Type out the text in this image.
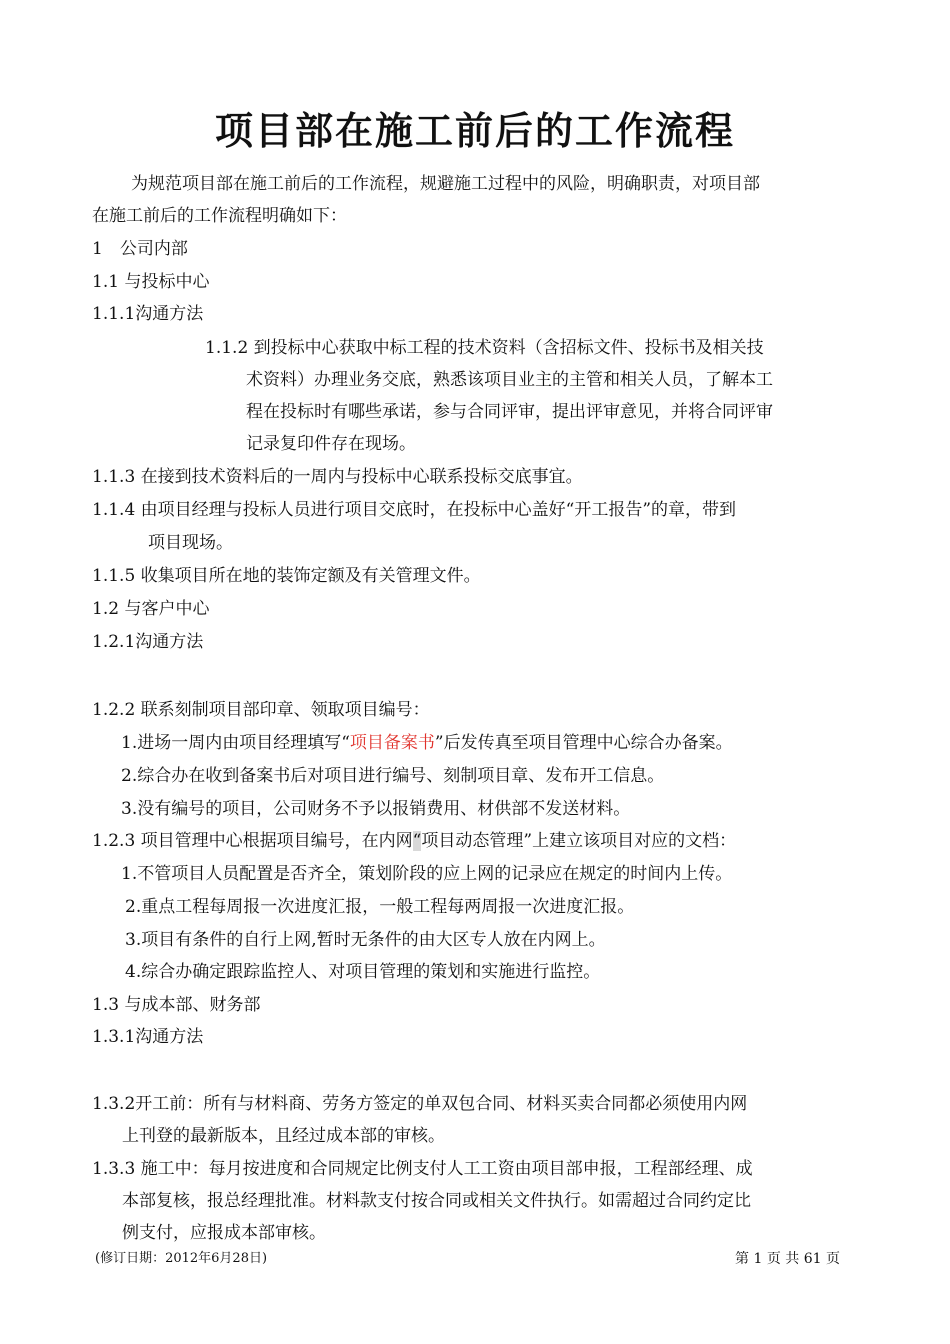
项目部在施工前后的工作流程
为规范项目部在施工前后的工作流程，规避施工过程中的风险，明确职责，对项目部
在施工前后的工作流程明确如下：
1　公司内部
1.1 与投标中心
1.1.1沟通方法
1.1.2 到投标中心获取中标工程的技术资料（含招标文件、投标书及相关技
术资料）办理业务交底，熟悉该项目业主的主管和相关人员，了解本工
程在投标时有哪些承诺，参与合同评审，提出评审意见，并将合同评审
记录复印件存在现场。
1.1.3 在接到技术资料后的一周内与投标中心联系投标交底事宜。
1.1.4 由项目经理与投标人员进行项目交底时，在投标中心盖好“开工报告”的章，带到
项目现场。
1.1.5 收集项目所在地的装饰定额及有关管理文件。
1.2 与客户中心
1.2.1沟通方法
1.2.2 联系刻制项目部印章、领取项目编号：
1.进场一周内由项目经理填写“项目备案书”后发传真至项目管理中心综合办备案。
2.综合办在收到备案书后对项目进行编号、刻制项目章、发布开工信息。
3.没有编号的项目，公司财务不予以报销费用、材供部不发送材料。
1.2.3 项目管理中心根据项目编号，在内网“项目动态管理”上建立该项目对应的文档：
1.不管项目人员配置是否齐全，策划阶段的应上网的记录应在规定的时间内上传。
2.重点工程每周报一次进度汇报，一般工程每两周报一次进度汇报。
3.项目有条件的自行上网,暂时无条件的由大区专人放在内网上。
4.综合办确定跟踪监控人、对项目管理的策划和实施进行监控。
1.3 与成本部、财务部
1.3.1沟通方法
1.3.2开工前：所有与材料商、劳务方签定的单双包合同、材料买卖合同都必须使用内网
上刊登的最新版本，且经过成本部的审核。
1.3.3 施工中：每月按进度和合同规定比例支付人工工资由项目部申报，工程部经理、成
本部复核，报总经理批准。材料款支付按合同或相关文件执行。如需超过合同约定比
例支付，应报成本部审核。
(修订日期：2012年6月28日)	第 1 页 共 61 页
